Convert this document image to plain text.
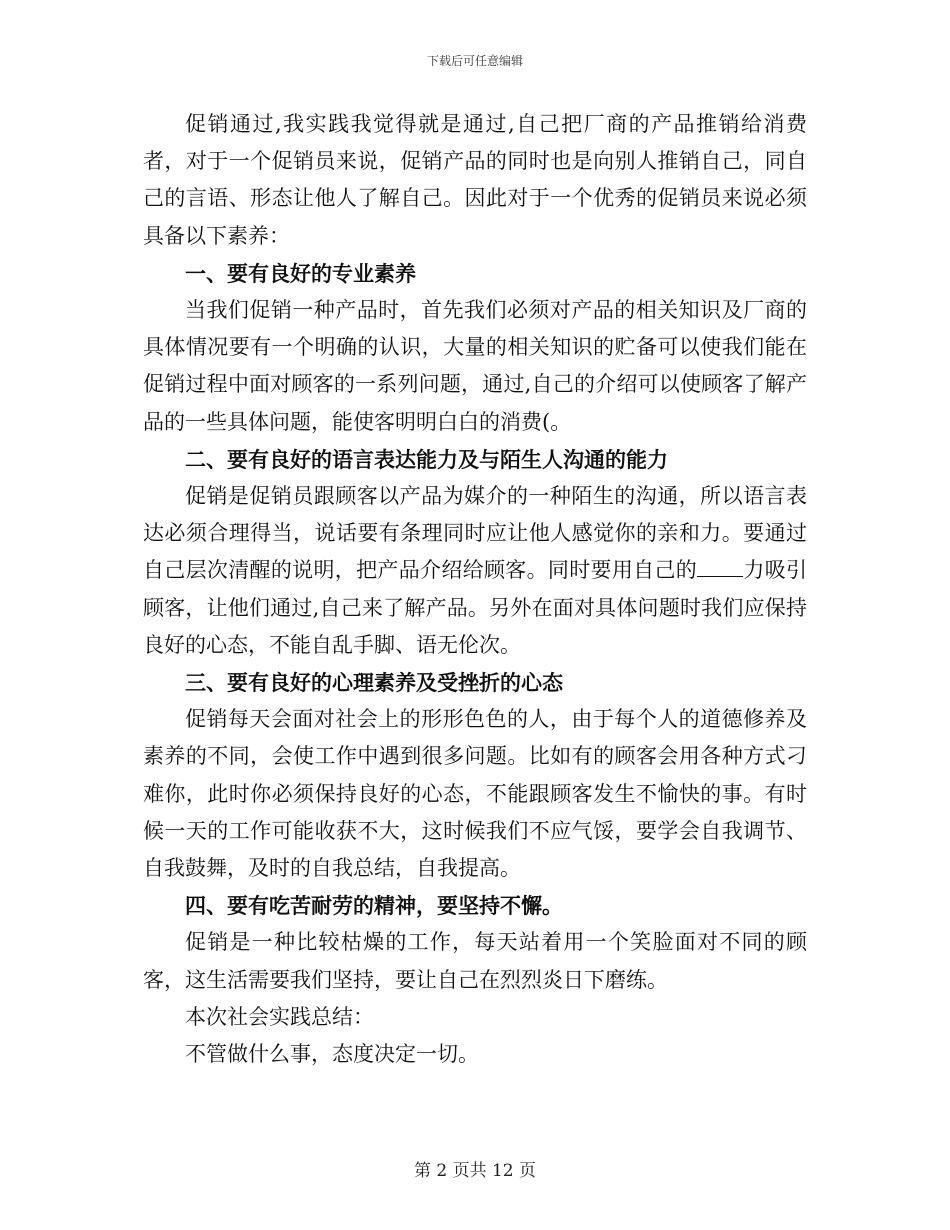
下载后可任意编辑

促销通过,我实践我觉得就是通过,自己把厂商的产品推销给消费者，对于一个促销员来说，促销产品的同时也是向别人推销自己，同自己的言语、形态让他人了解自己。因此对于一个优秀的促销员来说必须具备以下素养：

一、要有良好的专业素养

当我们促销一种产品时，首先我们必须对产品的相关知识及厂商的具体情况要有一个明确的认识，大量的相关知识的贮备可以使我们能在促销过程中面对顾客的一系列问题，通过,自己的介绍可以使顾客了解产品的一些具体问题，能使客明明白白的消费(。

二、要有良好的语言表达能力及与陌生人沟通的能力

促销是促销员跟顾客以产品为媒介的一种陌生的沟通，所以语言表达必须合理得当，说话要有条理同时应让他人感觉你的亲和力。要通过自己层次清醒的说明，把产品介绍给顾客。同时要用自己的 力吸引顾客，让他们通过,自己来了解产品。另外在面对具体问题时我们应保持良好的心态，不能自乱手脚、语无伦次。

三、要有良好的心理素养及受挫折的心态

促销每天会面对社会上的形形色色的人，由于每个人的道德修养及素养的不同，会使工作中遇到很多问题。比如有的顾客会用各种方式刁难你，此时你必须保持良好的心态，不能跟顾客发生不愉快的事。有时候一天的工作可能收获不大，这时候我们不应气馁，要学会自我调节、自我鼓舞，及时的自我总结，自我提高。

四、要有吃苦耐劳的精神，要坚持不懈。

促销是一种比较枯燥的工作，每天站着用一个笑脸面对不同的顾客，这生活需要我们坚持，要让自己在烈烈炎日下磨练。

本次社会实践总结：

不管做什么事，态度决定一切。

第 2 页共 12 页
